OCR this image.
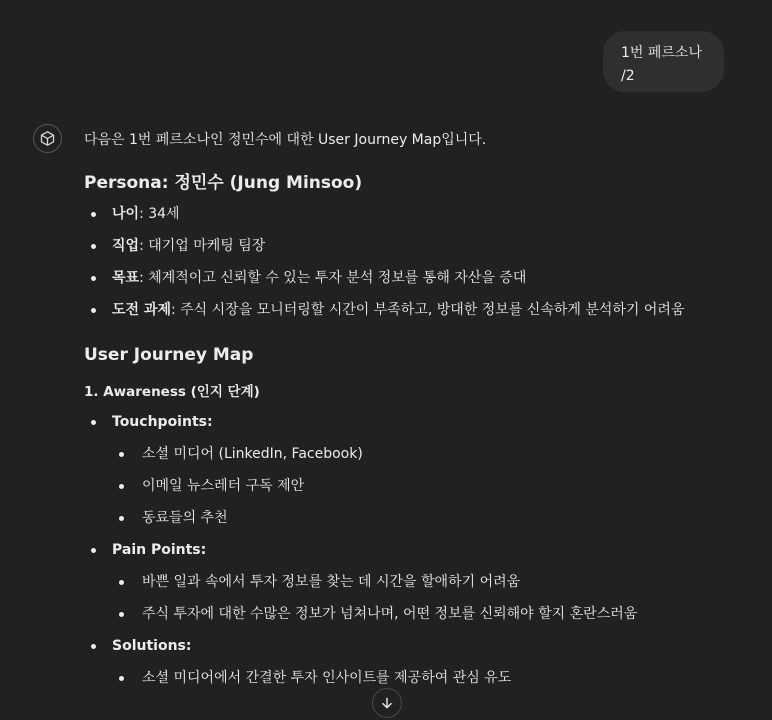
1번 페르소나
/2

다음은 1번 페르소나인 정민수에 대한 User Journey Map입니다.

Persona: 정민수 (Jung Minsoo)
나이: 34세
직업: 대기업 마케팅 팀장
목표: 체계적이고 신뢰할 수 있는 투자 분석 정보를 통해 자산을 증대
도전 과제: 주식 시장을 모니터링할 시간이 부족하고, 방대한 정보를 신속하게 분석하기 어려움
User Journey Map
1. Awareness (인지 단계)
Touchpoints:
소셜 미디어 (LinkedIn, Facebook)
이메일 뉴스레터 구독 제안
동료들의 추천
Pain Points:
바쁜 일과 속에서 투자 정보를 찾는 데 시간을 할애하기 어려움
주식 투자에 대한 수많은 정보가 넘쳐나며, 어떤 정보를 신뢰해야 할지 혼란스러움
Solutions:
소셜 미디어에서 간결한 투자 인사이트를 제공하여 관심 유도
